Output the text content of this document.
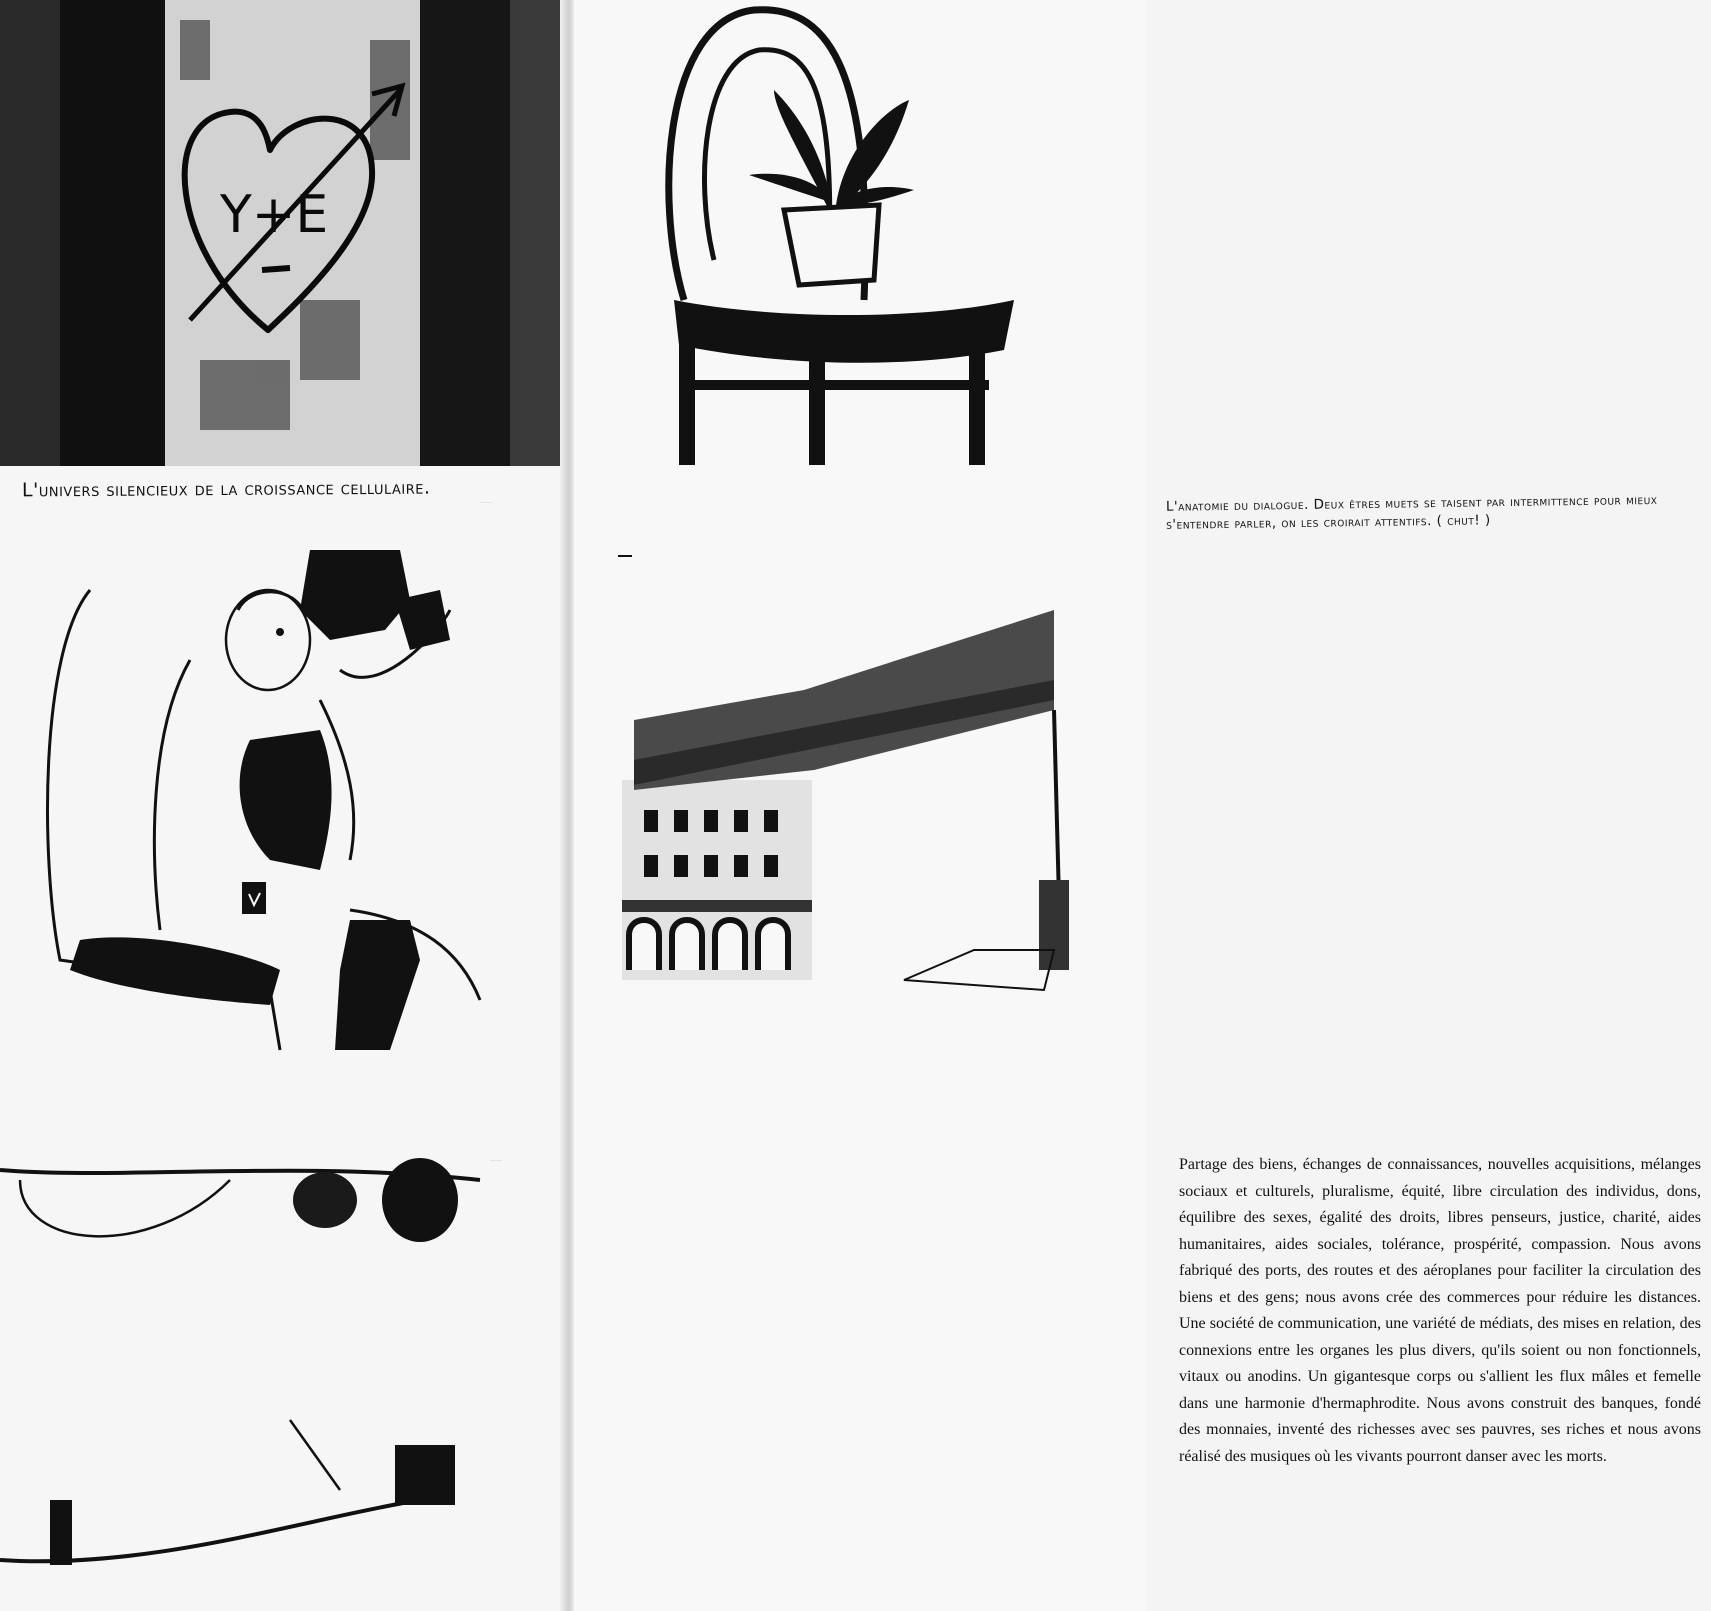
Y+E
L'univers silencieux de la croissance cellulaire.	—
—
L'anatomie du dialogue. Deux êtres muets se taisent par intermittence pour mieux s'entendre parler, on les croirait attentifs. ( chut! )

Partage des biens, échanges de connaissances, nouvelles acquisitions, mélanges sociaux et culturels, pluralisme, équité, libre circulation des individus, dons, équilibre des sexes, égalité des droits, libres penseurs, justice, charité, aides humanitaires, aides sociales, tolérance, prospérité, compassion. Nous avons fabriqué des ports, des routes et des aéroplanes pour faciliter la circulation des biens et des gens; nous avons crée des commerces pour réduire les distances. Une société de communication, une variété de médiats, des mises en relation, des connexions entre les organes les plus divers, qu'ils soient ou non fonctionnels, vitaux ou anodins. Un gigantesque corps ou s'allient les flux mâles et femelle dans une harmonie d'hermaphrodite. Nous avons construit des banques, fondé des monnaies, inventé des richesses avec ses pauvres, ses riches et nous avons réalisé des musiques où les vivants pourront danser avec les morts.
